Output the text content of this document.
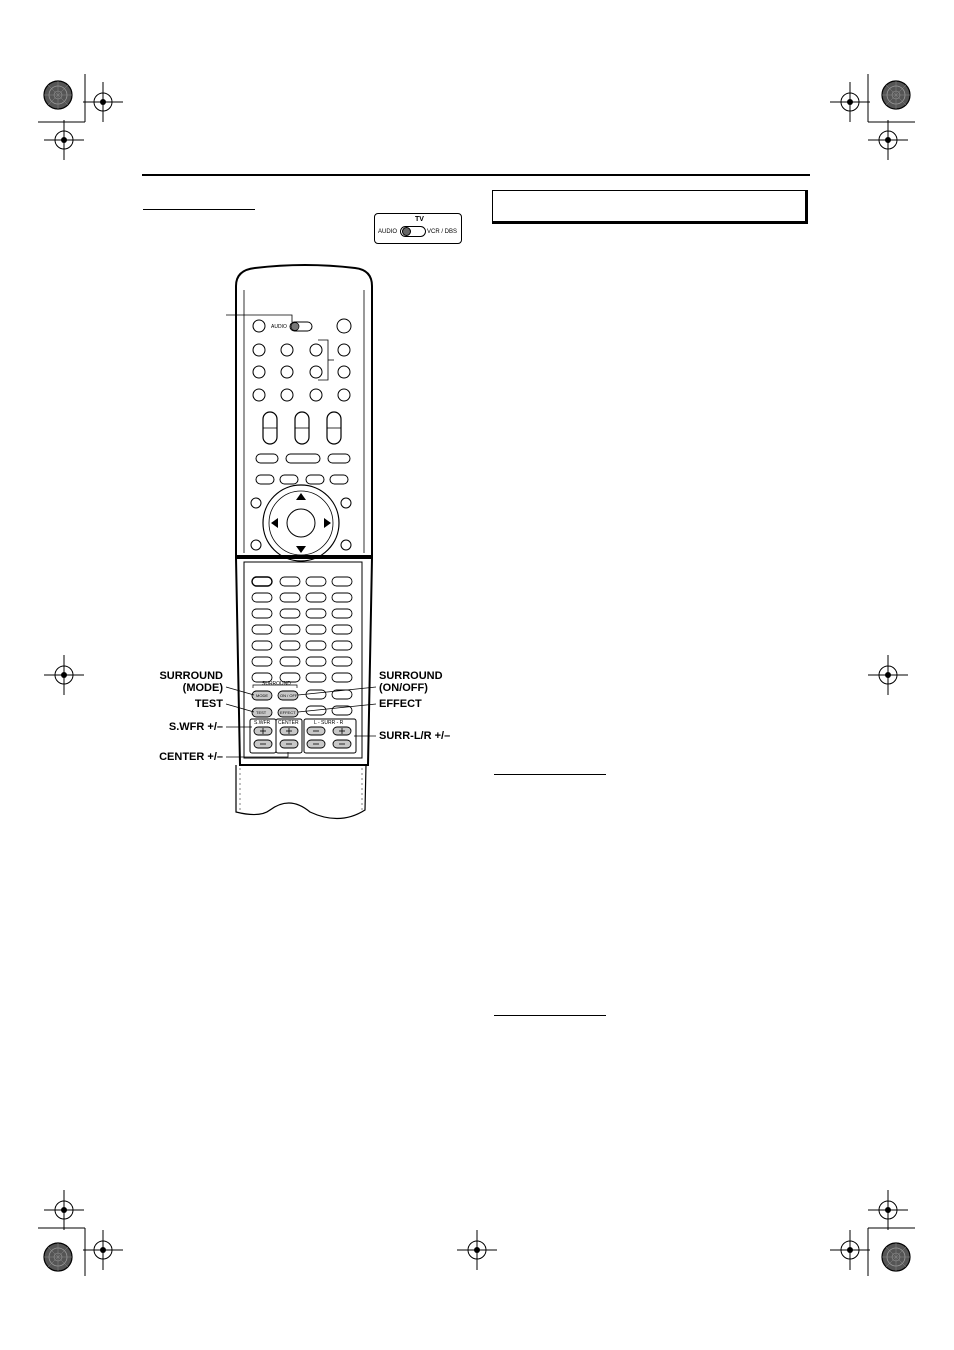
TV
AUDIO	VCR / DBS
AUDIO
SURROUND
MODE	ON / OFF
TEST	EFFECT
S.WFR CENTER	L - SURR - R
SURROUND
(MODE)
TEST
S.WFR +/–
CENTER +/–
SURROUND
(ON/OFF)
EFFECT
SURR-L/R +/–
